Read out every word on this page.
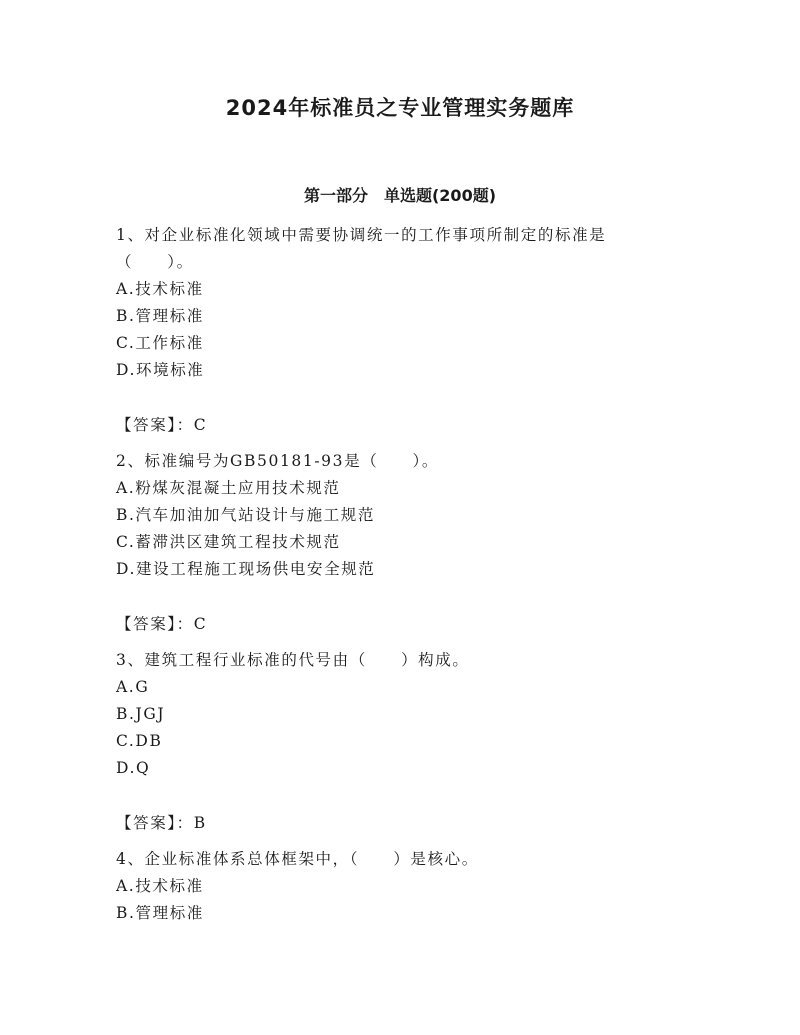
2024年标准员之专业管理实务题库
第一部分　单选题(200题)

1、对企业标准化领域中需要协调统一的工作事项所制定的标准是（　　）。

A.技术标准
B.管理标准
C.工作标准
D.环境标准
【答案】：C

2、标准编号为GB50181-93是（　　）。

A.粉煤灰混凝土应用技术规范
B.汽车加油加气站设计与施工规范
C.蓄滞洪区建筑工程技术规范
D.建设工程施工现场供电安全规范
【答案】：C

3、建筑工程行业标准的代号由（　　）构成。

A.G
B.JGJ
C.DB
D.Q
【答案】：B

4、企业标准体系总体框架中，（　　）是核心。

A.技术标准
B.管理标准
